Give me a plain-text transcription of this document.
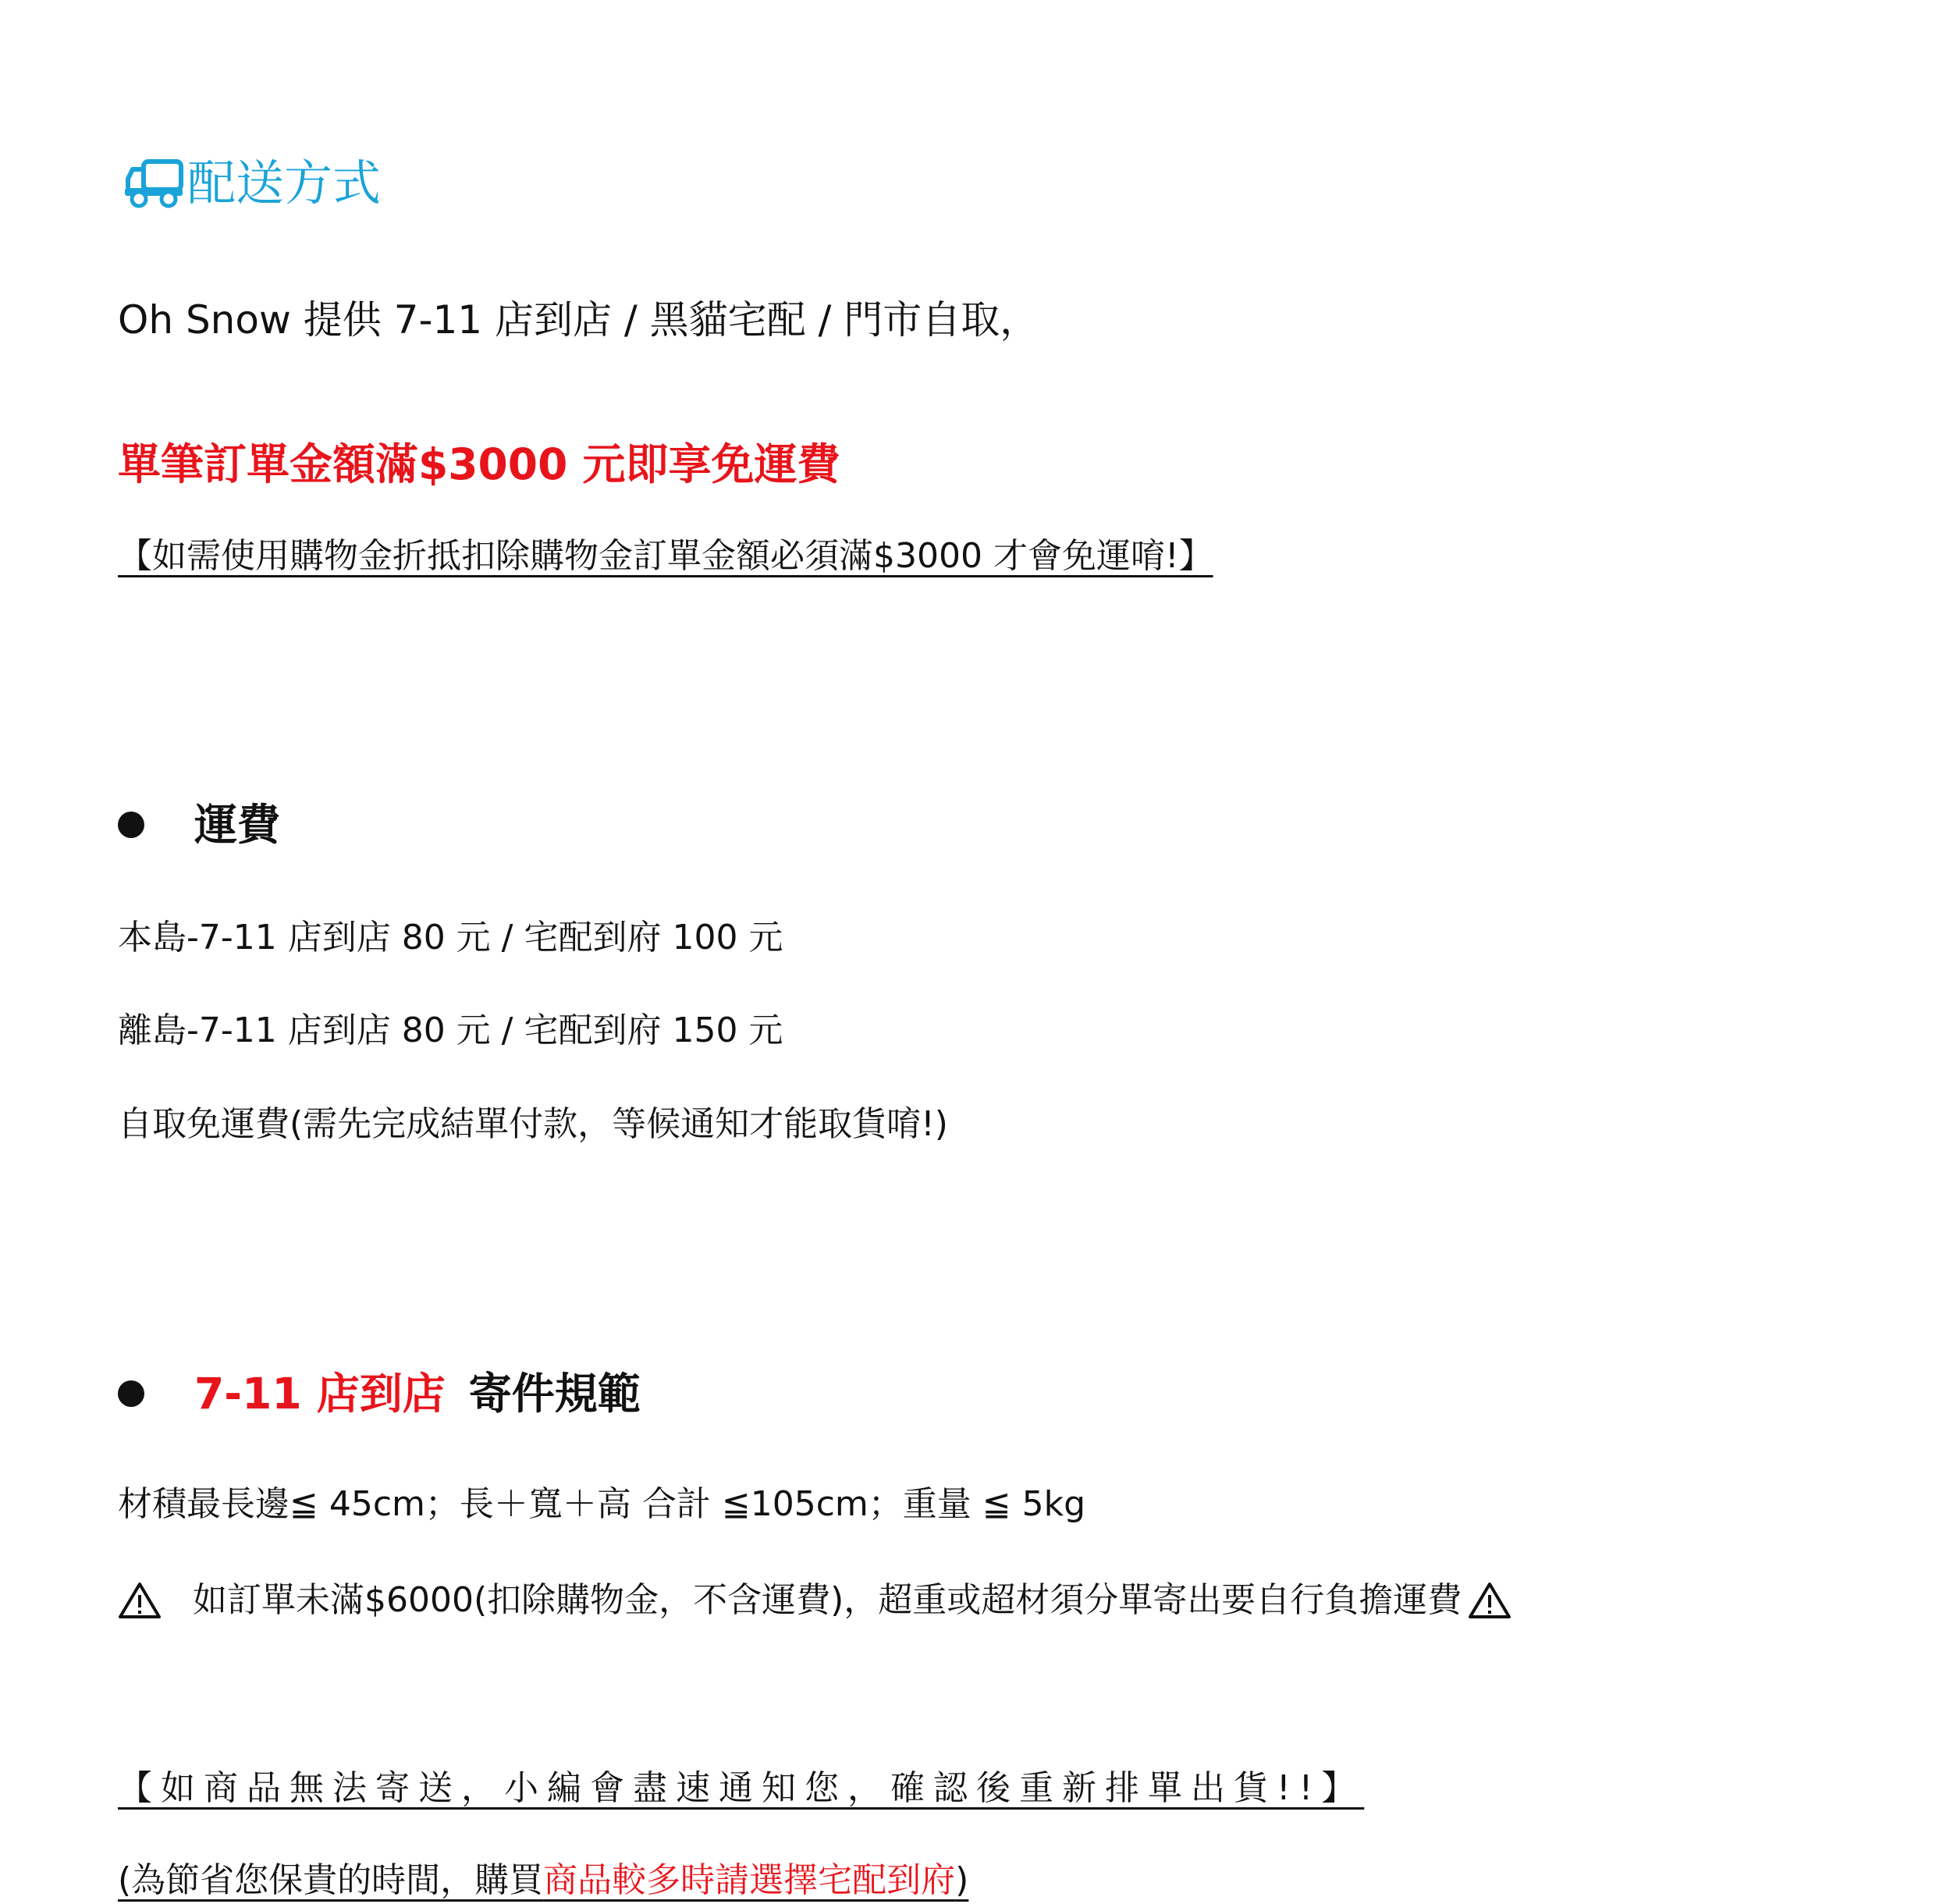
配送方式
Oh Snow 提供 7-11 店到店 / 黑貓宅配 / 門市自取，
單筆訂單金額滿$3000 元即享免運費
【如需使用購物金折抵扣除購物金訂單金額必須滿$3000 才會免運唷!】
運費
本島-7-11 店到店 80 元 / 宅配到府 100 元
離島-7-11 店到店 80 元 / 宅配到府 150 元
自取免運費(需先完成結單付款，等候通知才能取貨唷!)
7-11 店到店 寄件規範
材積最長邊≦ 45cm；長＋寬＋高 合計 ≦105cm；重量 ≦ 5kg
如訂單未滿$6000(扣除購物金，不含運費)，超重或超材須分單寄出要自行負擔運費
【如商品無法寄送，小編會盡速通知您，確認後重新排單出貨!!】
(為節省您保貴的時間，購買商品較多時請選擇宅配到府)
